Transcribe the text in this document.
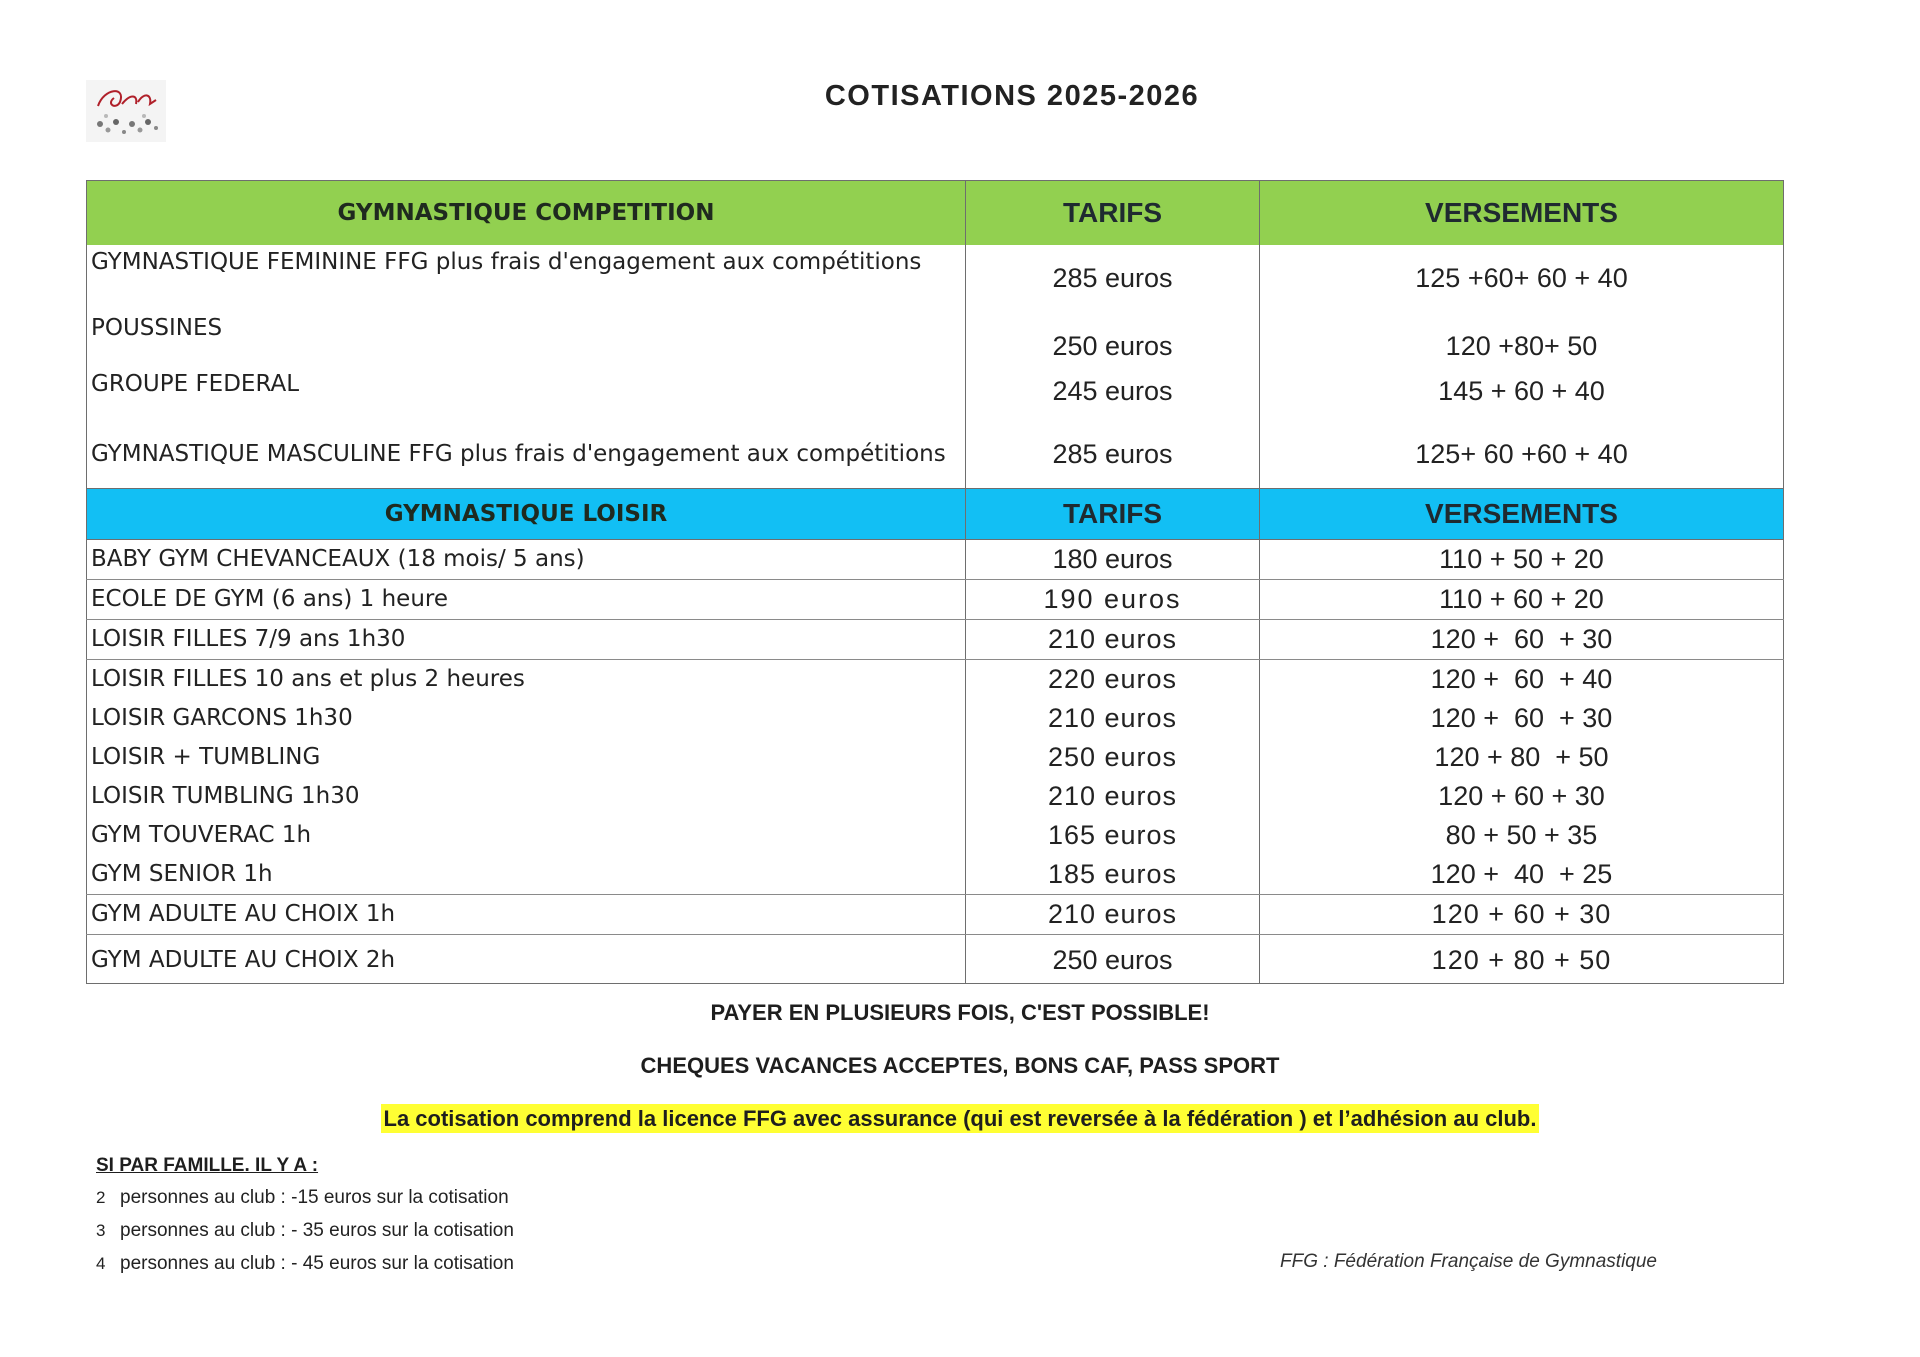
COTISATIONS 2025-2026
GYMNASTIQUE COMPETITION	TARIFS	VERSEMENTS
GYMNASTIQUE FEMININE FFG plus frais d'engagement aux compétitions	285 euros	125 +60+ 60 + 40
POUSSINES	250 euros	120 +80+ 50
GROUPE FEDERAL	245 euros	145 + 60 + 40
GYMNASTIQUE MASCULINE FFG plus frais d'engagement aux compétitions	285 euros	125+ 60 +60 + 40
GYMNASTIQUE LOISIR	TARIFS	VERSEMENTS
BABY GYM CHEVANCEAUX (18 mois/ 5 ans)	180 euros	110 + 50 + 20
ECOLE DE GYM (6 ans) 1 heure	190 euros	110 + 60 + 20
LOISIR FILLES 7/9 ans 1h30	210 euros	120 +  60  + 30
LOISIR FILLES 10 ans et plus 2 heures	220 euros	120 +  60  + 40
LOISIR GARCONS 1h30	210 euros	120 +  60  + 30
LOISIR + TUMBLING	250 euros	120 + 80  + 50
LOISIR TUMBLING 1h30	210 euros	120 + 60 + 30
GYM TOUVERAC 1h	165 euros	80 + 50 + 35
GYM SENIOR 1h	185 euros	120 +  40  + 25
GYM ADULTE AU CHOIX 1h	210 euros	120 + 60 + 30
GYM ADULTE AU CHOIX 2h	250 euros	120 + 80 + 50
PAYER EN PLUSIEURS FOIS, C'EST POSSIBLE!
CHEQUES VACANCES ACCEPTES, BONS CAF, PASS SPORT
La cotisation comprend la licence FFG avec assurance (qui est reversée à la fédération ) et l’adhésion au club.
SI PAR FAMILLE. IL Y A :
2 personnes au club : -15 euros sur la cotisation
3 personnes au club : - 35 euros sur la cotisation
4 personnes au club : - 45 euros sur la cotisation	FFG : Fédération Française de Gymnastique
